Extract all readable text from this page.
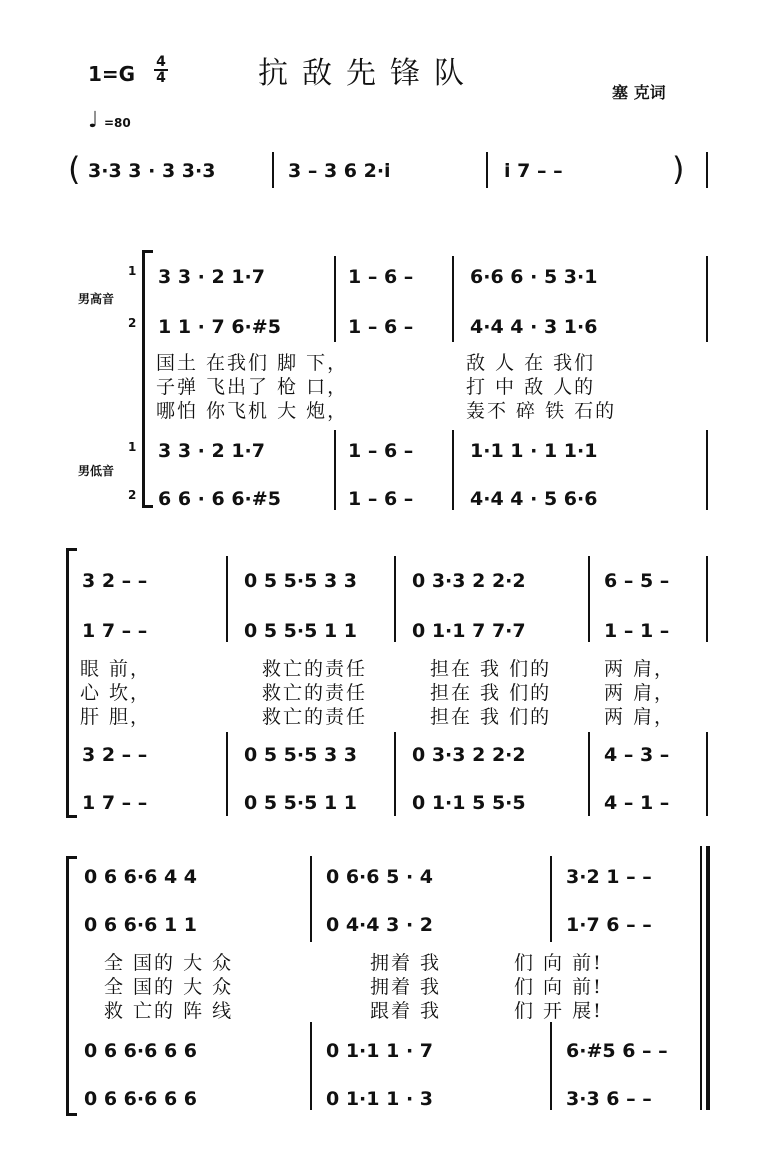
1=G 4
4	抗敌先锋队
塞 克词
♩ =80
( 3·3 3 · 3 3·3	3 – 3 6 2·i	i 7 – –	)
男高音
男低音
1
2
1
2
3 3 · 2 1·7	1 – 6 –	6·6 6 · 5 3·1
1 1 · 7 6·#5	1 – 6 –	4·4 4 · 3 1·6
国土 在我们 脚 下，	敌 人 在 我们
子弹 飞出了 枪 口，	打 中 敌 人的
哪怕 你飞机 大 炮，	轰不 碎 铁 石的
3 3 · 2 1·7	1 – 6 –	1·1 1 · 1 1·1
6 6 · 6 6·#5	1 – 6 –	4·4 4 · 5 6·6
3 2 – –	0 5 5·5 3 3	0 3·3 2 2·2	6 – 5 –
1 7 – –	0 5 5·5 1 1	0 1·1 7 7·7	1 – 1 –
眼 前，	救亡的责任	担在 我 们的	两 肩，
心 坎，	救亡的责任	担在 我 们的	两 肩，
肝 胆，	救亡的责任	担在 我 们的	两 肩，
3 2 – –	0 5 5·5 3 3	0 3·3 2 2·2	4 – 3 –
1 7 – –	0 5 5·5 1 1	0 1·1 5 5·5	4 – 1 –
0 6 6·6 4 4	0 6·6 5 · 4	3·2 1 – –
0 6 6·6 1 1	0 4·4 3 · 2	1·7 6 – –
全 国的 大 众	拥着 我	们 向 前!
全 国的 大 众	拥着 我	们 向 前!
救 亡的 阵 线	跟着 我	们 开 展!
0 6 6·6 6 6	0 1·1 1 · 7	6·#5 6 – –
0 6 6·6 6 6	0 1·1 1 · 3	3·3 6 – –
